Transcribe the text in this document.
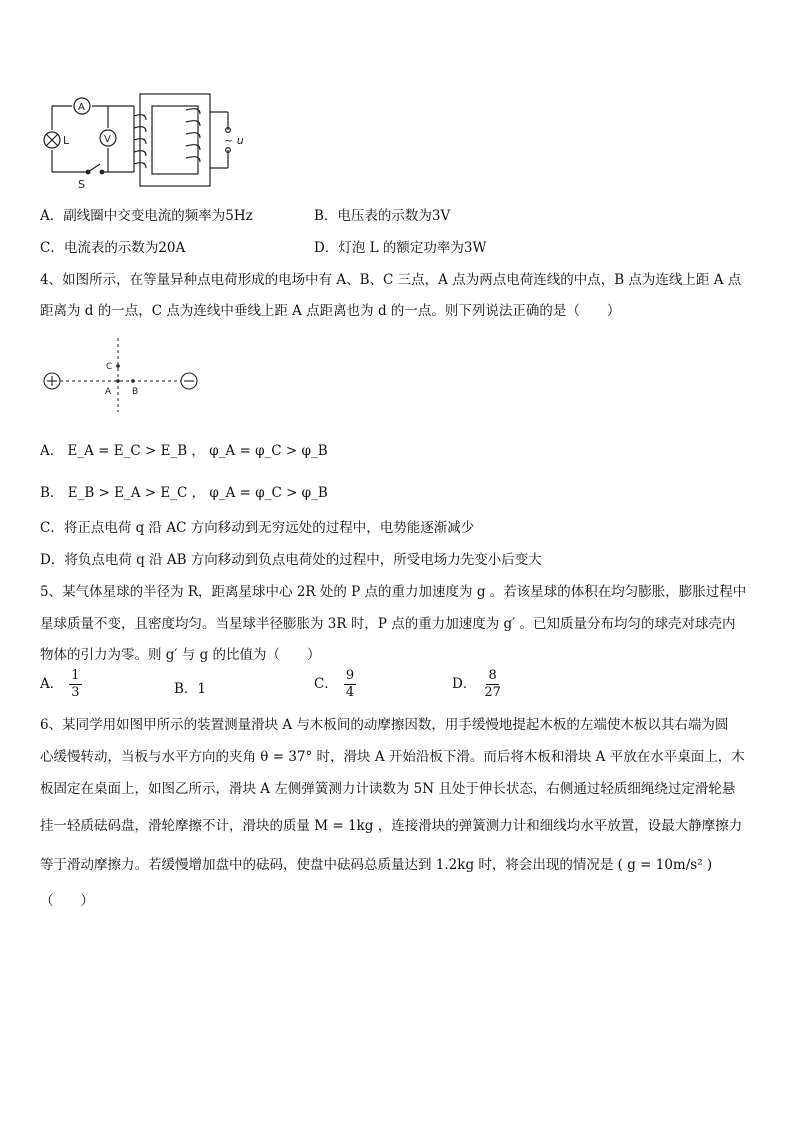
A
V
L
S
~ u
A．副线圈中交变电流的频率为5Hz	B．电压表的示数为3V
C．电流表的示数为20A	D．灯泡 L 的额定功率为3W
4、如图所示，在等量异种点电荷形成的电场中有 A、B、C 三点，A 点为两点电荷连线的中点，B 点为连线上距 A 点
距离为 d 的一点，C 点为连线中垂线上距 A 点距离也为 d 的一点。则下列说法正确的是（　　）
C
A B
A． E_A = E_C > E_B ， φ_A = φ_C > φ_B
B． E_B > E_A > E_C ， φ_A = φ_C > φ_B
C．将正点电荷 q 沿 AC 方向移动到无穷远处的过程中，电势能逐渐减少
D．将负点电荷 q 沿 AB 方向移动到负点电荷处的过程中，所受电场力先变小后变大
5、某气体星球的半径为 R，距离星球中心 2R 处的 P 点的重力加速度为 g 。若该星球的体积在均匀膨胀，膨胀过程中
星球质量不变，且密度均匀。当星球半径膨胀为 3R 时，P 点的重力加速度为 g′ 。已知质量分布均匀的球壳对球壳内
物体的引力为零。则 g′ 与 g 的比值为（　　）
A． $\frac{1}{3}$	B．1	C． $\frac{9}{4}$	D． $\frac{8}{27}$
6、某同学用如图甲所示的装置测量滑块 A 与木板间的动摩擦因数，用手缓慢地提起木板的左端使木板以其右端为圆
心缓慢转动，当板与水平方向的夹角 θ = 37° 时，滑块 A 开始沿板下滑。而后将木板和滑块 A 平放在水平桌面上，木
板固定在桌面上，如图乙所示，滑块 A 左侧弹簧测力计读数为 5N 且处于伸长状态，右侧通过轻质细绳绕过定滑轮悬
挂一轻质砝码盘，滑轮摩擦不计，滑块的质量 M = 1kg ，连接滑块的弹簧测力计和细线均水平放置，设最大静摩擦力
等于滑动摩擦力。若缓慢增加盘中的砝码，使盘中砝码总质量达到 1.2kg 时，将会出现的情况是 ( g = 10m/s² )
（　　）
